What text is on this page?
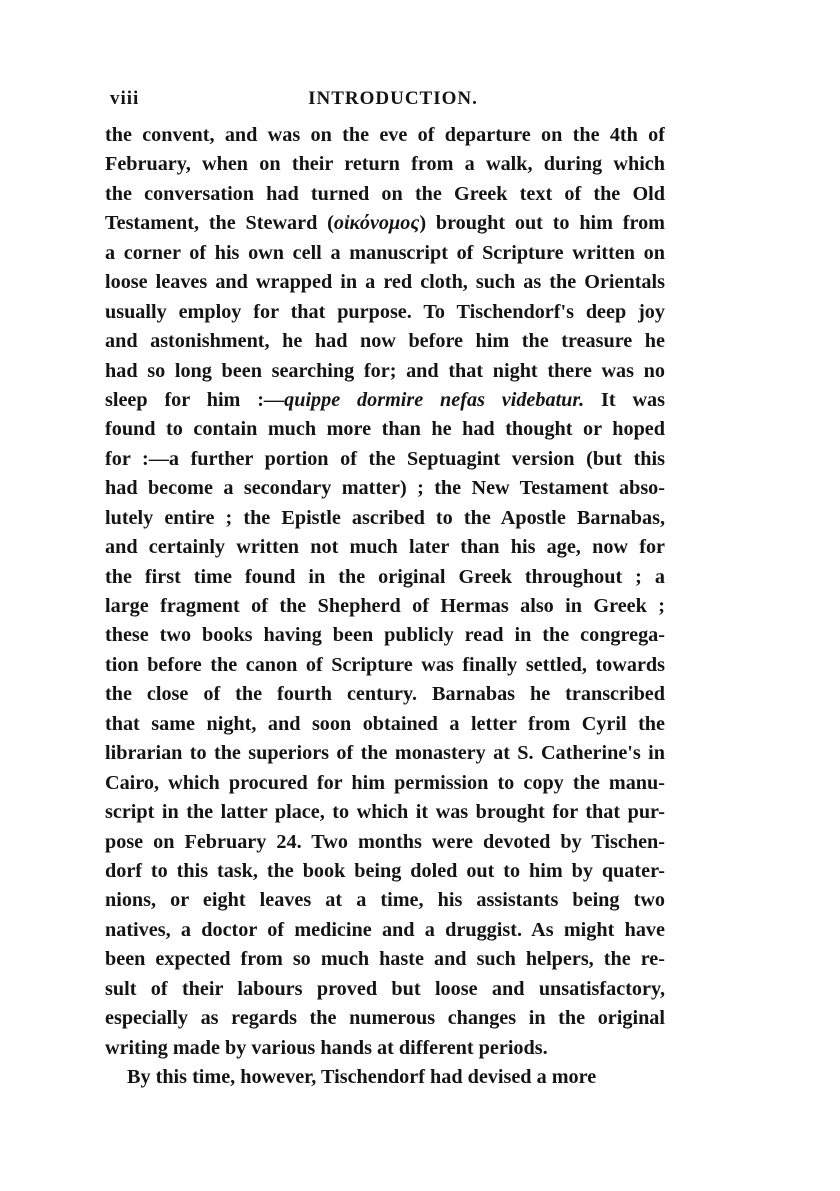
viii	INTRODUCTION.
the convent, and was on the eve of departure on the 4th of
February, when on their return from a walk, during which
the conversation had turned on the Greek text of the Old
Testament, the Steward (οἰκόνομος) brought out to him from
a corner of his own cell a manuscript of Scripture written on
loose leaves and wrapped in a red cloth, such as the Orientals
usually employ for that purpose. To Tischendorf's deep joy
and astonishment, he had now before him the treasure he
had so long been searching for; and that night there was no
sleep for him :—quippe dormire nefas videbatur. It was
found to contain much more than he had thought or hoped
for :—a further portion of the Septuagint version (but this
had become a secondary matter) ; the New Testament abso-
lutely entire ; the Epistle ascribed to the Apostle Barnabas,
and certainly written not much later than his age, now for
the first time found in the original Greek throughout ; a
large fragment of the Shepherd of Hermas also in Greek ;
these two books having been publicly read in the congrega-
tion before the canon of Scripture was finally settled, towards
the close of the fourth century. Barnabas he transcribed
that same night, and soon obtained a letter from Cyril the
librarian to the superiors of the monastery at S. Catherine's in
Cairo, which procured for him permission to copy the manu-
script in the latter place, to which it was brought for that pur-
pose on February 24. Two months were devoted by Tischen-
dorf to this task, the book being doled out to him by quater-
nions, or eight leaves at a time, his assistants being two
natives, a doctor of medicine and a druggist. As might have
been expected from so much haste and such helpers, the re-
sult of their labours proved but loose and unsatisfactory,
especially as regards the numerous changes in the original
writing made by various hands at different periods.
By this time, however, Tischendorf had devised a more
